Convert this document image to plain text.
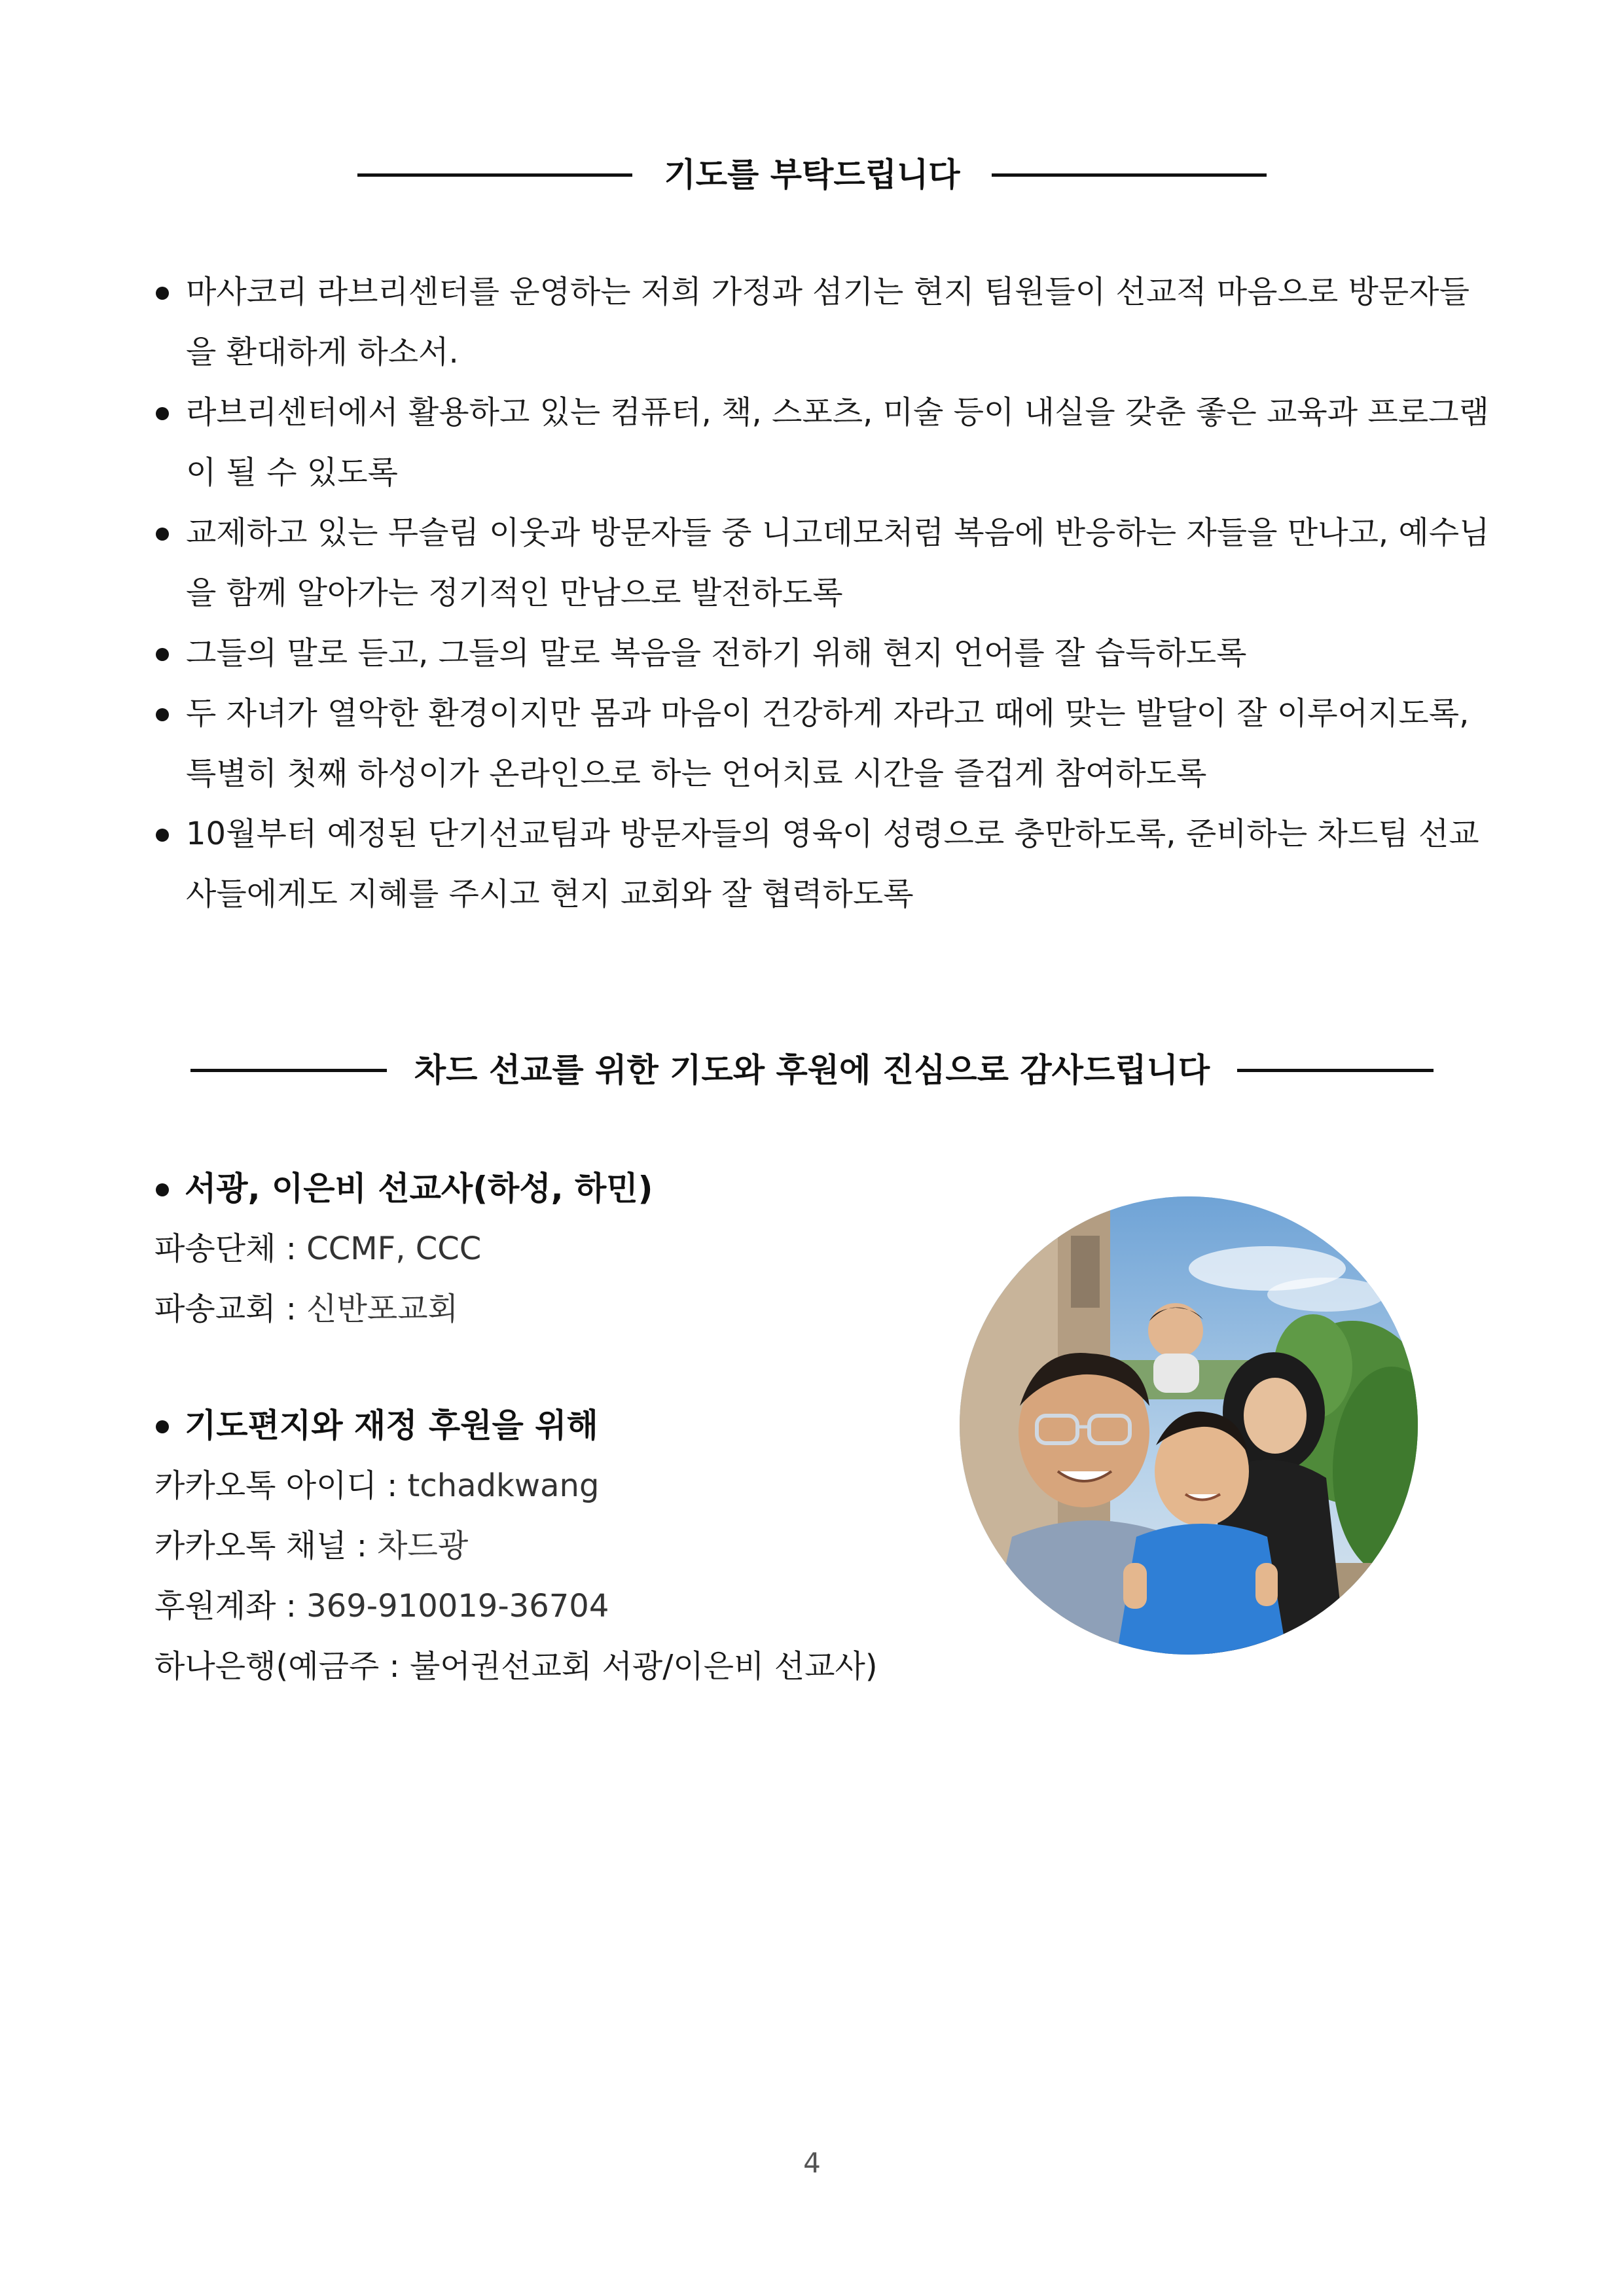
기도를 부탁드립니다
마사코리 라브리센터를 운영하는 저희 가정과 섬기는 현지 팀원들이 선교적 마음으로 방문자들을 환대하게 하소서.
라브리센터에서 활용하고 있는 컴퓨터, 책, 스포츠, 미술 등이 내실을 갖춘 좋은 교육과 프로그램이 될 수 있도록
교제하고 있는 무슬림 이웃과 방문자들 중 니고데모처럼 복음에 반응하는 자들을 만나고, 예수님을 함께 알아가는 정기적인 만남으로 발전하도록
그들의 말로 듣고, 그들의 말로 복음을 전하기 위해 현지 언어를 잘 습득하도록
두 자녀가 열악한 환경이지만 몸과 마음이 건강하게 자라고 때에 맞는 발달이 잘 이루어지도록, 특별히 첫째 하성이가 온라인으로 하는 언어치료 시간을 즐겁게 참여하도록
10월부터 예정된 단기선교팀과 방문자들의 영육이 성령으로 충만하도록, 준비하는 차드팀 선교사들에게도 지혜를 주시고 현지 교회와 잘 협력하도록
차드 선교를 위한 기도와 후원에 진심으로 감사드립니다
서광, 이은비 선교사(하성, 하민)
파송단체 : CCMF, CCC
파송교회 : 신반포교회
기도편지와 재정 후원을 위해
카카오톡 아이디 : tchadkwang
카카오톡 채널 : 차드광
후원계좌 : 369-910019-36704
하나은행(예금주 : 불어권선교회 서광/이은비 선교사)
4
